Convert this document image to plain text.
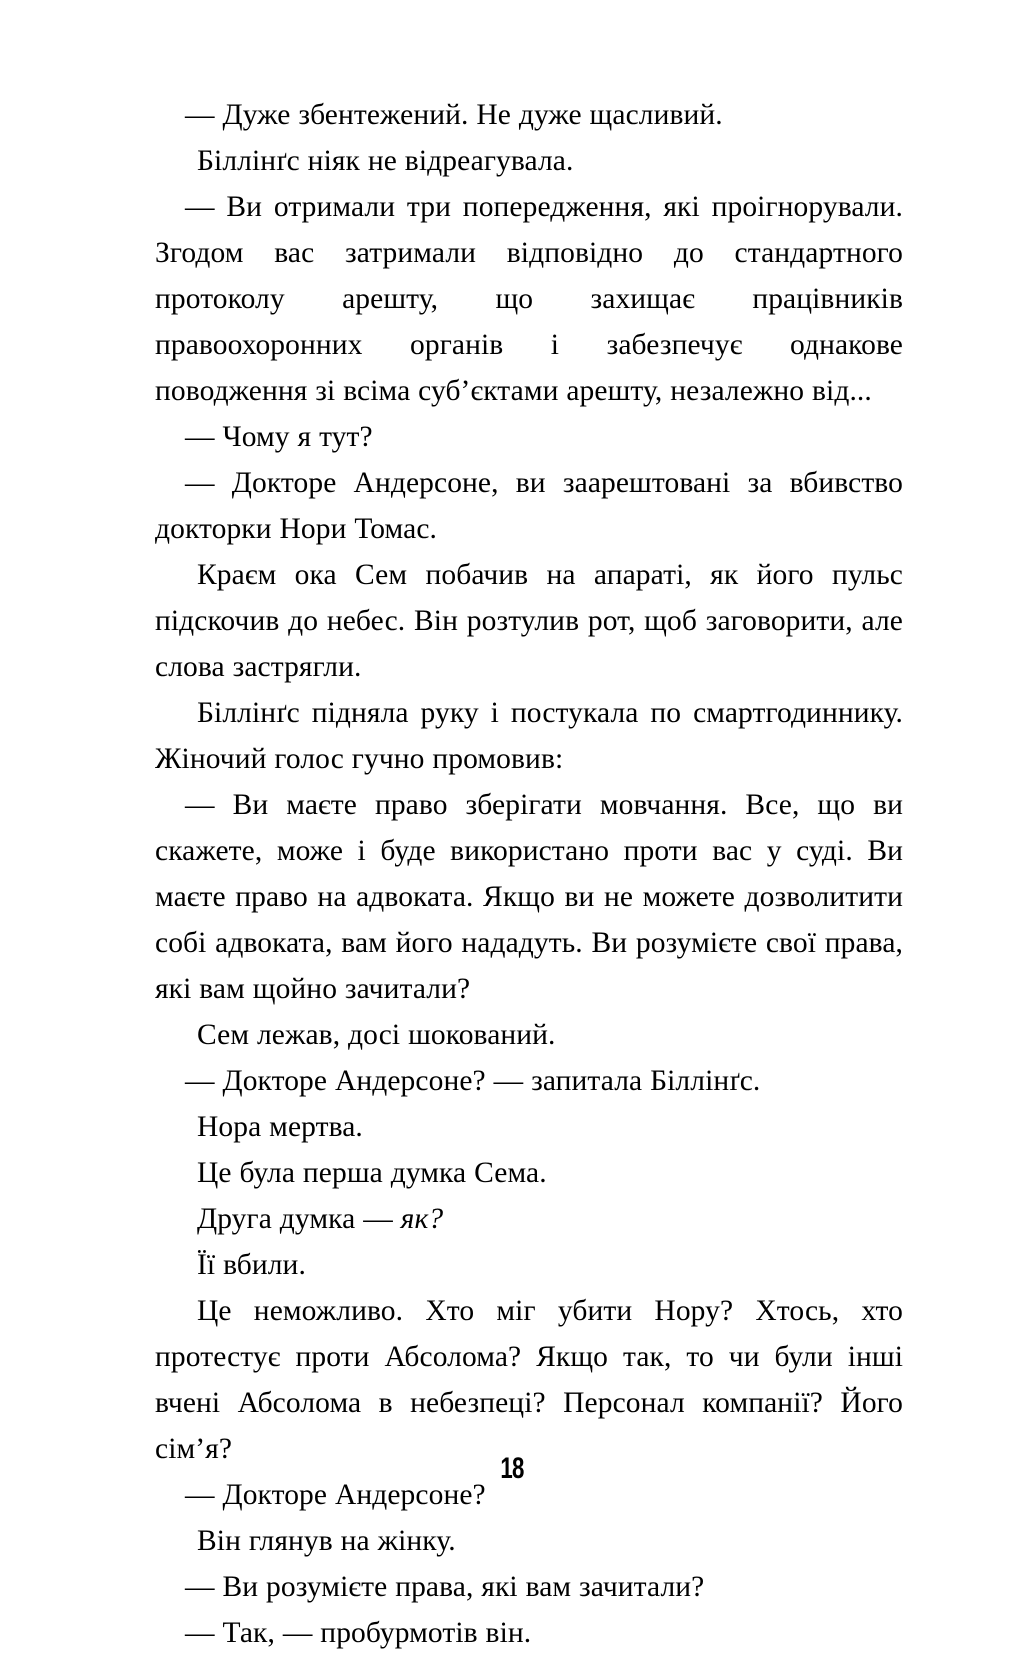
— Дуже збентежений. Не дуже щасливий.

Біллінґс ніяк не відреагувала.

— Ви отримали три попередження, які проігнорували. Згодом вас затримали відповідно до стандартного протоколу арешту, що захищає працівників правоохоронних органів і забезпечує однакове поводження зі всіма суб’єктами арешту, незалежно від...

— Чому я тут?

— Докторе Андерсоне, ви заарештовані за вбивство докторки Нори Томас.

Краєм ока Сем побачив на апараті, як його пульс підскочив до небес. Він розтулив рот, щоб заговорити, але слова застрягли.

Біллінґс підняла руку і постукала по смартгодиннику. Жіночий голос гучно промовив:

— Ви маєте право зберігати мовчання. Все, що ви скажете, може і буде використано проти вас у суді. Ви маєте право на адвоката. Якщо ви не можете дозволитити собі адвоката, вам його нададуть. Ви розумієте свої права, які вам щойно зачитали?

Сем лежав, досі шокований.

— Докторе Андерсоне? — запитала Біллінґс.

Нора мертва.

Це була перша думка Сема.

Друга думка — як?

Її вбили.

Це неможливо. Хто міг убити Нору? Хтось, хто протестує проти Абсолома? Якщо так, то чи були інші вчені Абсолома в небезпеці? Персонал компанії? Його сім’я?

— Докторе Андерсоне?

Він глянув на жінку.

— Ви розумієте права, які вам зачитали?

— Так, — пробурмотів він.

18
